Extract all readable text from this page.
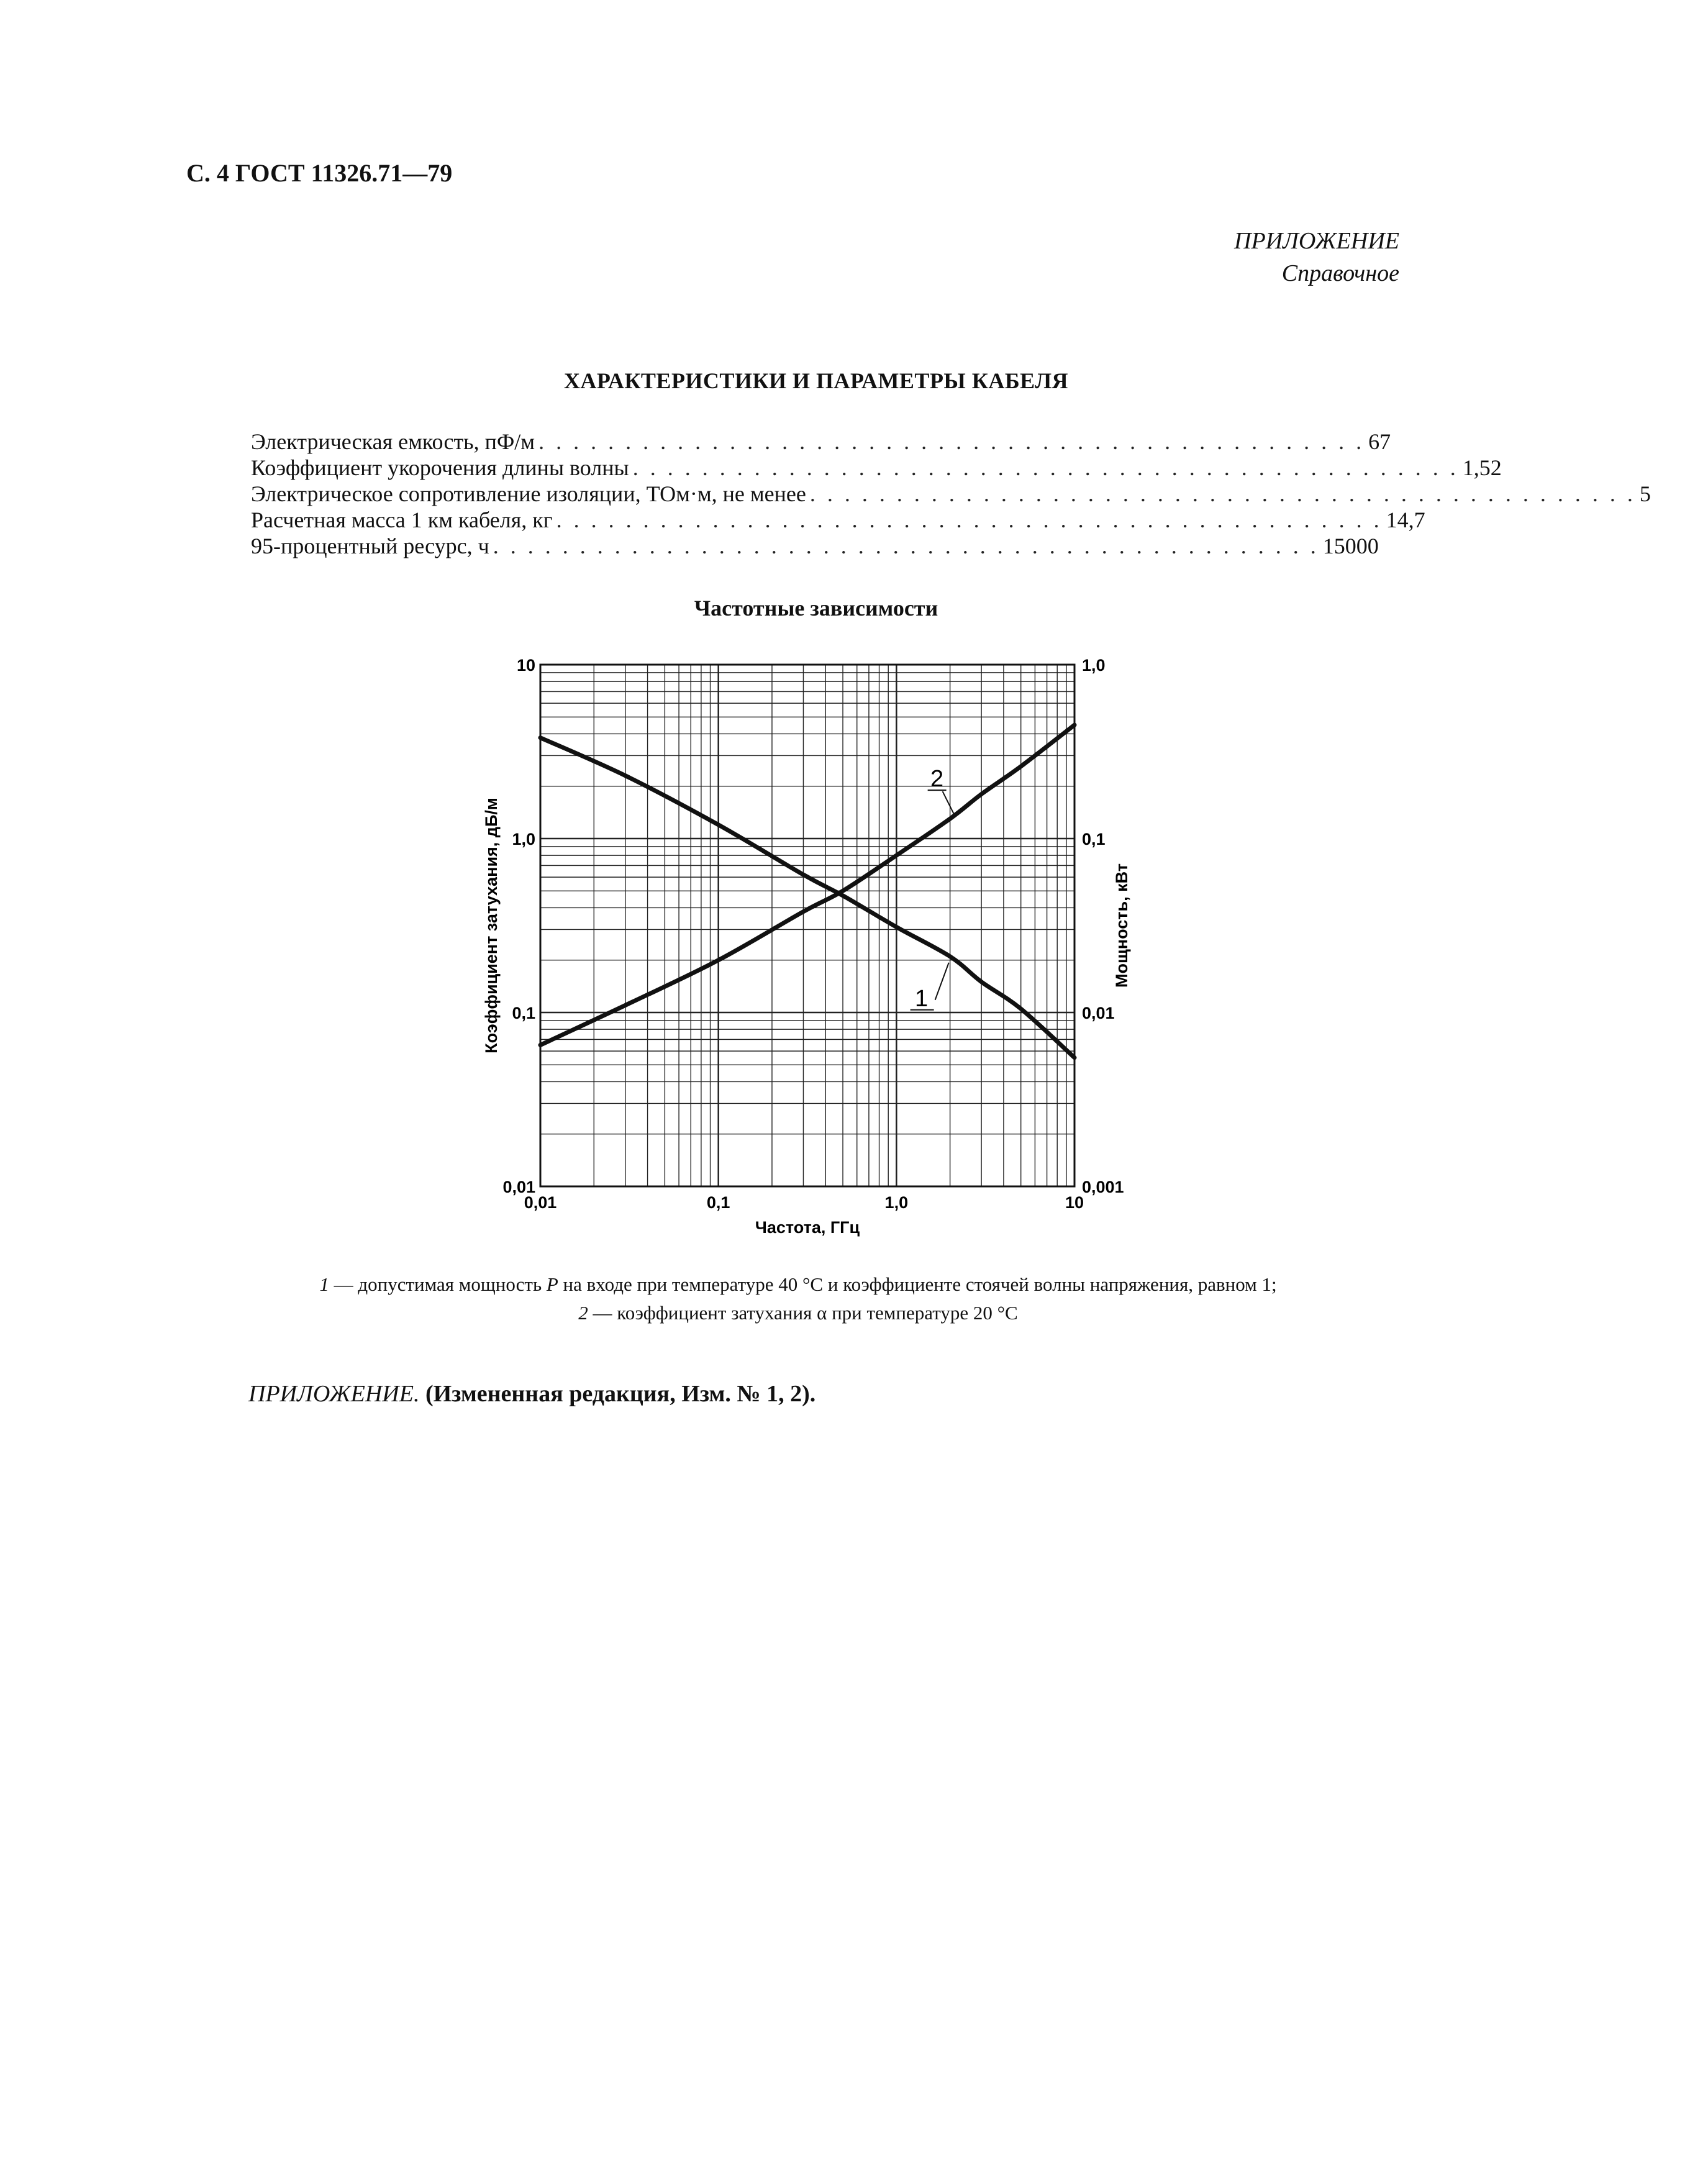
С. 4 ГОСТ 11326.71—79
ПРИЛОЖЕНИЕ
Справочное
ХАРАКТЕРИСТИКИ И ПАРАМЕТРЫ КАБЕЛЯ
Электрическая емкость, пФ/м . . . . . . . . . . . . . . . . . . . . . . . . . . . . . . . . . . . . . . . . . . . . . . . . 67
Коэффициент укорочения длины волны . . . . . . . . . . . . . . . . . . . . . . . . . . . . . . . . . . . . . . . . . . . . . . . . 1,52
Электрическое сопротивление изоляции, ТОм·м, не менее . . . . . . . . . . . . . . . . . . . . . . . . . . . . . . . . . . . . . . . . . . . . . . . . 5
Расчетная масса 1 км кабеля, кг . . . . . . . . . . . . . . . . . . . . . . . . . . . . . . . . . . . . . . . . . . . . . . . . 14,7
95-процентный ресурс, ч . . . . . . . . . . . . . . . . . . . . . . . . . . . . . . . . . . . . . . . . . . . . . . . . 15000
Частотные зависимости
0,01	0,1	1,0	10
0,01
0,1
1,0
10
0,001
0,01
0,1
1,0
2
1
Частота, ГГц
Коэффициент затухания, дБ/м	Мощность, кВт
1 — допустимая мощность P на входе при температуре 40 °С и коэффициенте стоячей волны напряжения, равном 1;
2 — коэффициент затухания α при температуре 20 °С
ПРИЛОЖЕНИЕ. (Измененная редакция, Изм. № 1, 2).
